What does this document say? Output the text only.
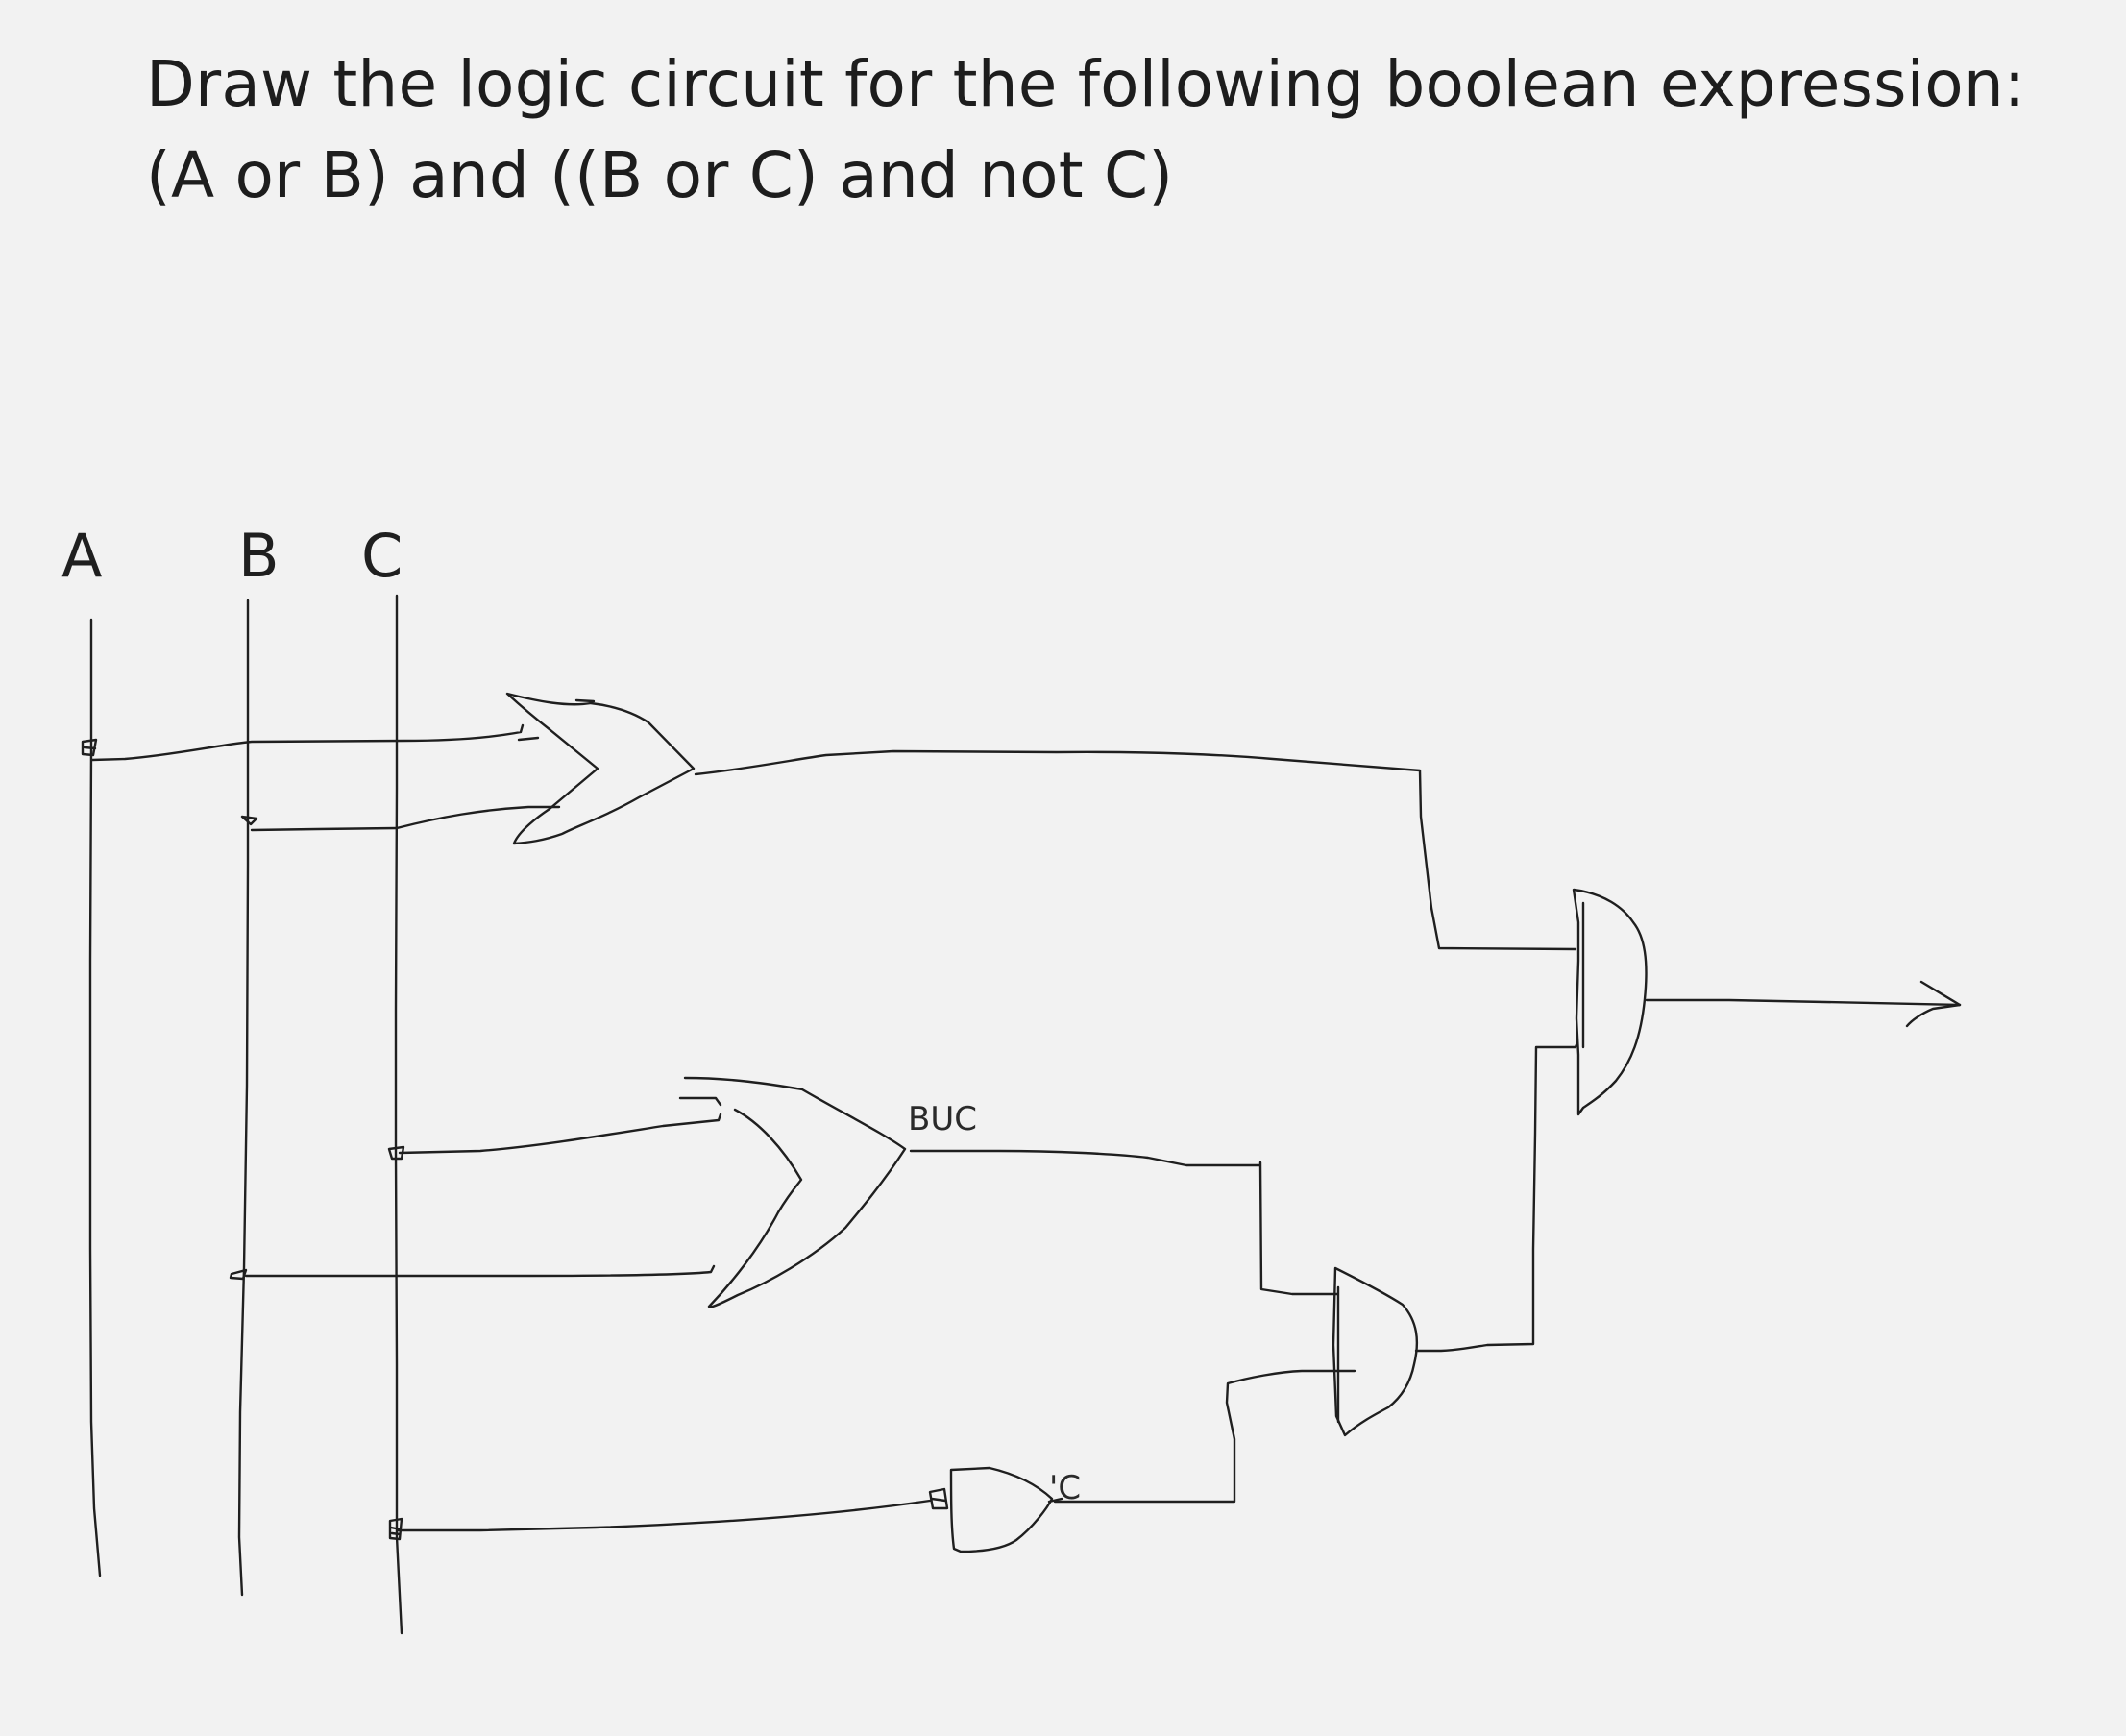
Draw the logic circuit for the following boolean expression:
(A or B) and ((B or C) and not C)
A B C
BUC
'C
